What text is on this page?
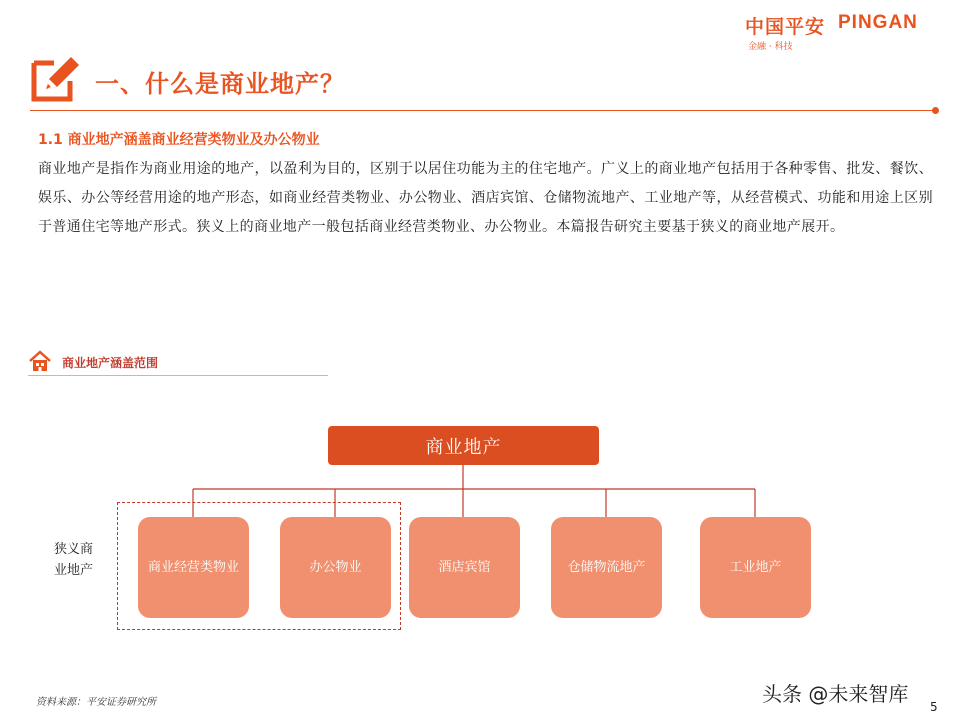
中国平安 PINGAN
金融 · 科技
一、什么是商业地产？
1.1 商业地产涵盖商业经营类物业及办公物业
商业地产是指作为商业用途的地产，以盈利为目的，区别于以居住功能为主的住宅地产。广义上的商业地产包括用于各种零售、批发、餐饮、娱乐、办公等经营用途的地产形态，如商业经营类物业、办公物业、酒店宾馆、仓储物流地产、工业地产等，从经营模式、功能和用途上区别于普通住宅等地产形式。狭义上的商业地产一般包括商业经营类物业、办公物业。本篇报告研究主要基于狭义的商业地产展开。
商业地产涵盖范围
商业地产
狭义商业地产	商业经营类物业	办公物业	酒店宾馆	仓储物流地产	工业地产
资料来源：平安证券研究所	头条 @未来智库
5
